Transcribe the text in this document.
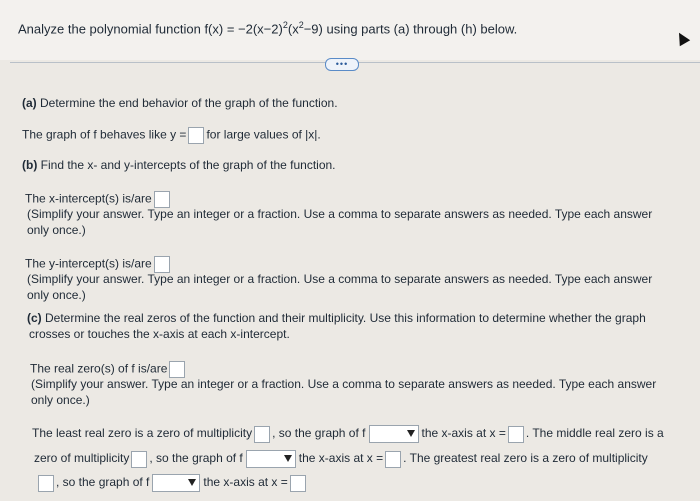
Analyze the polynomial function $f(x) = -2(x-2)^2(x^2-9)$ using parts (a) through (h) below.
•••
(a) Determine the end behavior of the graph of the function.
The graph of f behaves like y = for large values of |x|.
(b) Find the x- and y-intercepts of the graph of the function.
The x-intercept(s) is/are
(Simplify your answer. Type an integer or a fraction. Use a comma to separate answers as needed. Type each answer
only once.)
The y-intercept(s) is/are
(Simplify your answer. Type an integer or a fraction. Use a comma to separate answers as needed. Type each answer
only once.)
(c) Determine the real zeros of the function and their multiplicity. Use this information to determine whether the graph
crosses or touches the x-axis at each x-intercept.
The real zero(s) of f is/are
(Simplify your answer. Type an integer or a fraction. Use a comma to separate answers as needed. Type each answer
only once.)
The least real zero is a zero of multiplicity , so the graph of f	the x-axis at x = . The middle real zero is a
zero of multiplicity , so the graph of f	the x-axis at x = . The greatest real zero is a zero of multiplicity
, so the graph of f	the x-axis at x =
